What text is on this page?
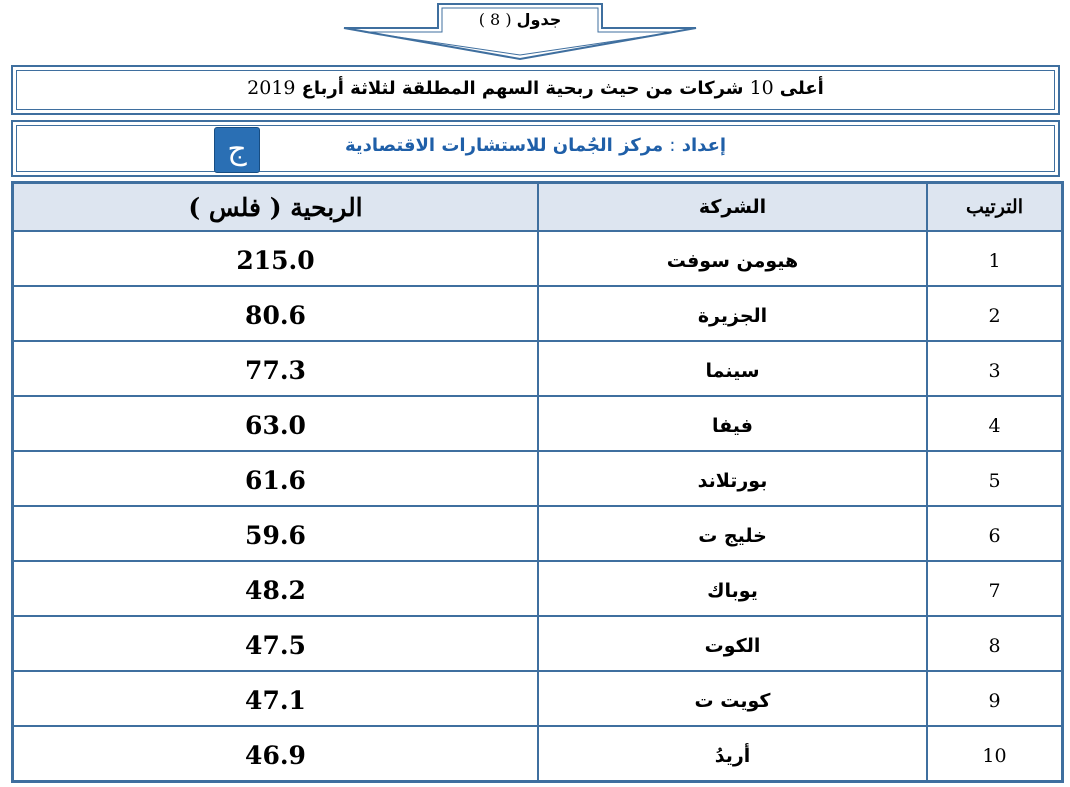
جدول ( 8 )
أعلى 10 شركات من حيث ربحية السهم المطلقة لثلاثة أرباع 2019
إعداد : مركز الجُمان للاستشارات الاقتصادية
ج
الربحية ( فلس )	الشركة	الترتيب
215.0	هيومن سوفت	1
80.6	الجزيرة	2
77.3	سينما	3
63.0	فيفا	4
61.6	بورتلاند	5
59.6	خليج ت	6
48.2	يوباك	7
47.5	الكوت	8
47.1	كويت ت	9
46.9	أريدُ	10
